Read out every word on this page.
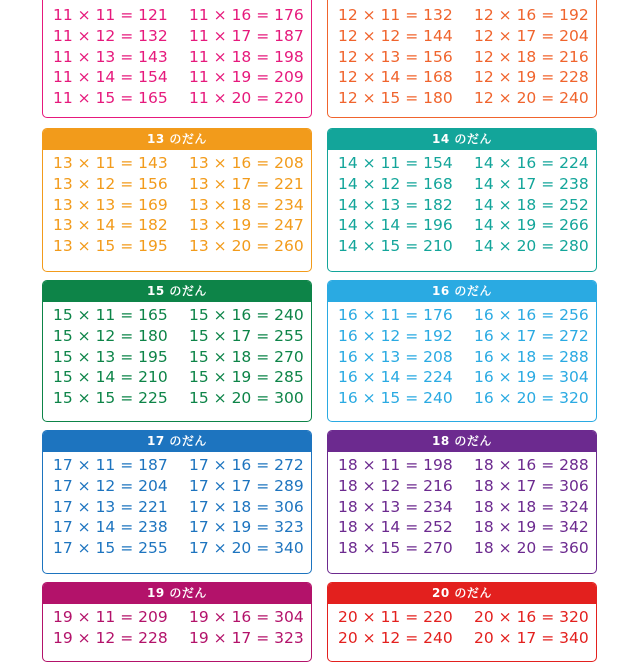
11 × 11 = 121
11 × 12 = 132
11 × 13 = 143
11 × 14 = 154
11 × 15 = 165
11 × 16 = 176
11 × 17 = 187
11 × 18 = 198
11 × 19 = 209
11 × 20 = 220
12 × 11 = 132
12 × 12 = 144
12 × 13 = 156
12 × 14 = 168
12 × 15 = 180
12 × 16 = 192
12 × 17 = 204
12 × 18 = 216
12 × 19 = 228
12 × 20 = 240
13 のだん
13 × 11 = 143
13 × 12 = 156
13 × 13 = 169
13 × 14 = 182
13 × 15 = 195
13 × 16 = 208
13 × 17 = 221
13 × 18 = 234
13 × 19 = 247
13 × 20 = 260
14 のだん
14 × 11 = 154
14 × 12 = 168
14 × 13 = 182
14 × 14 = 196
14 × 15 = 210
14 × 16 = 224
14 × 17 = 238
14 × 18 = 252
14 × 19 = 266
14 × 20 = 280
15 のだん
15 × 11 = 165
15 × 12 = 180
15 × 13 = 195
15 × 14 = 210
15 × 15 = 225
15 × 16 = 240
15 × 17 = 255
15 × 18 = 270
15 × 19 = 285
15 × 20 = 300
16 のだん
16 × 11 = 176
16 × 12 = 192
16 × 13 = 208
16 × 14 = 224
16 × 15 = 240
16 × 16 = 256
16 × 17 = 272
16 × 18 = 288
16 × 19 = 304
16 × 20 = 320
17 のだん
17 × 11 = 187
17 × 12 = 204
17 × 13 = 221
17 × 14 = 238
17 × 15 = 255
17 × 16 = 272
17 × 17 = 289
17 × 18 = 306
17 × 19 = 323
17 × 20 = 340
18 のだん
18 × 11 = 198
18 × 12 = 216
18 × 13 = 234
18 × 14 = 252
18 × 15 = 270
18 × 16 = 288
18 × 17 = 306
18 × 18 = 324
18 × 19 = 342
18 × 20 = 360
19 のだん
19 × 11 = 209
19 × 12 = 228
19 × 16 = 304
19 × 17 = 323
20 のだん
20 × 11 = 220
20 × 12 = 240
20 × 16 = 320
20 × 17 = 340
